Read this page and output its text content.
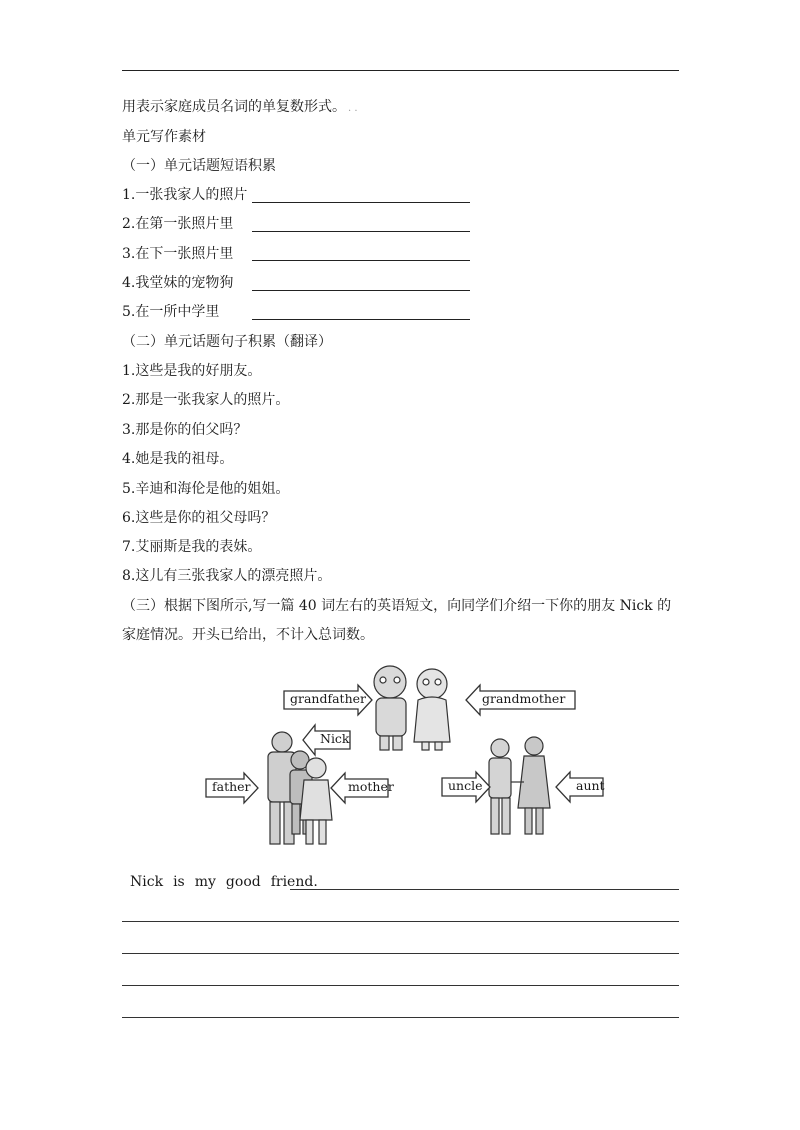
用表示家庭成员名词的单复数形式。 . .
单元写作素材
（一）单元话题短语积累
1.一张我家人的照片
2.在第一张照片里
3.在下一张照片里
4.我堂妹的宠物狗
5.在一所中学里
（二）单元话题句子积累（翻译）
1.这些是我的好朋友。
2.那是一张我家人的照片。
3.那是你的伯父吗？
4.她是我的祖母。
5.辛迪和海伦是他的姐姐。
6.这些是你的祖父母吗？
7.艾丽斯是我的表妹。
8.这儿有三张我家人的漂亮照片。
（三）根据下图所示,写一篇 40 词左右的英语短文，向同学们介绍一下你的朋友 Nick 的家庭情况。开头已给出，不计入总词数。
grandfather	grandmother
Nick
father	mother	uncle	aunt
Nick is my good friend.
